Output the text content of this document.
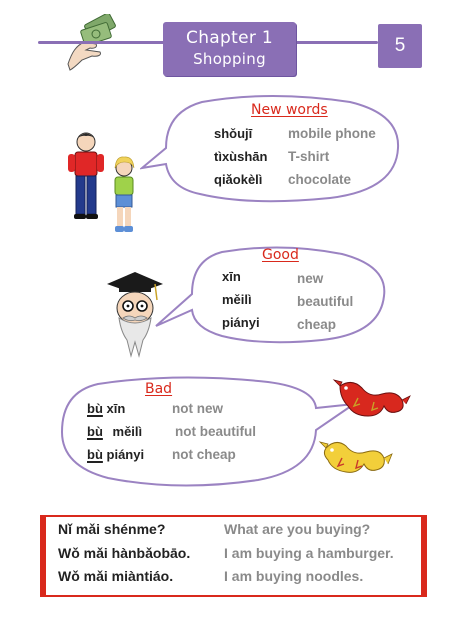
Chapter 1
Shopping
5
New words
shǒujī	mobile phone
tìxùshān T-shirt
qiǎokèlì chocolate
Good
xīn	new
měilì	beautiful
piányi	cheap
Bad
bù xīn	not new
bù měilì not beautiful
bù piányi not cheap
Nǐ mǎi shénme?	What are you buying?
Wǒ mǎi hànbǎobāo. I am buying a hamburger.
Wǒ mǎi miàntiáo.	I am buying noodles.
